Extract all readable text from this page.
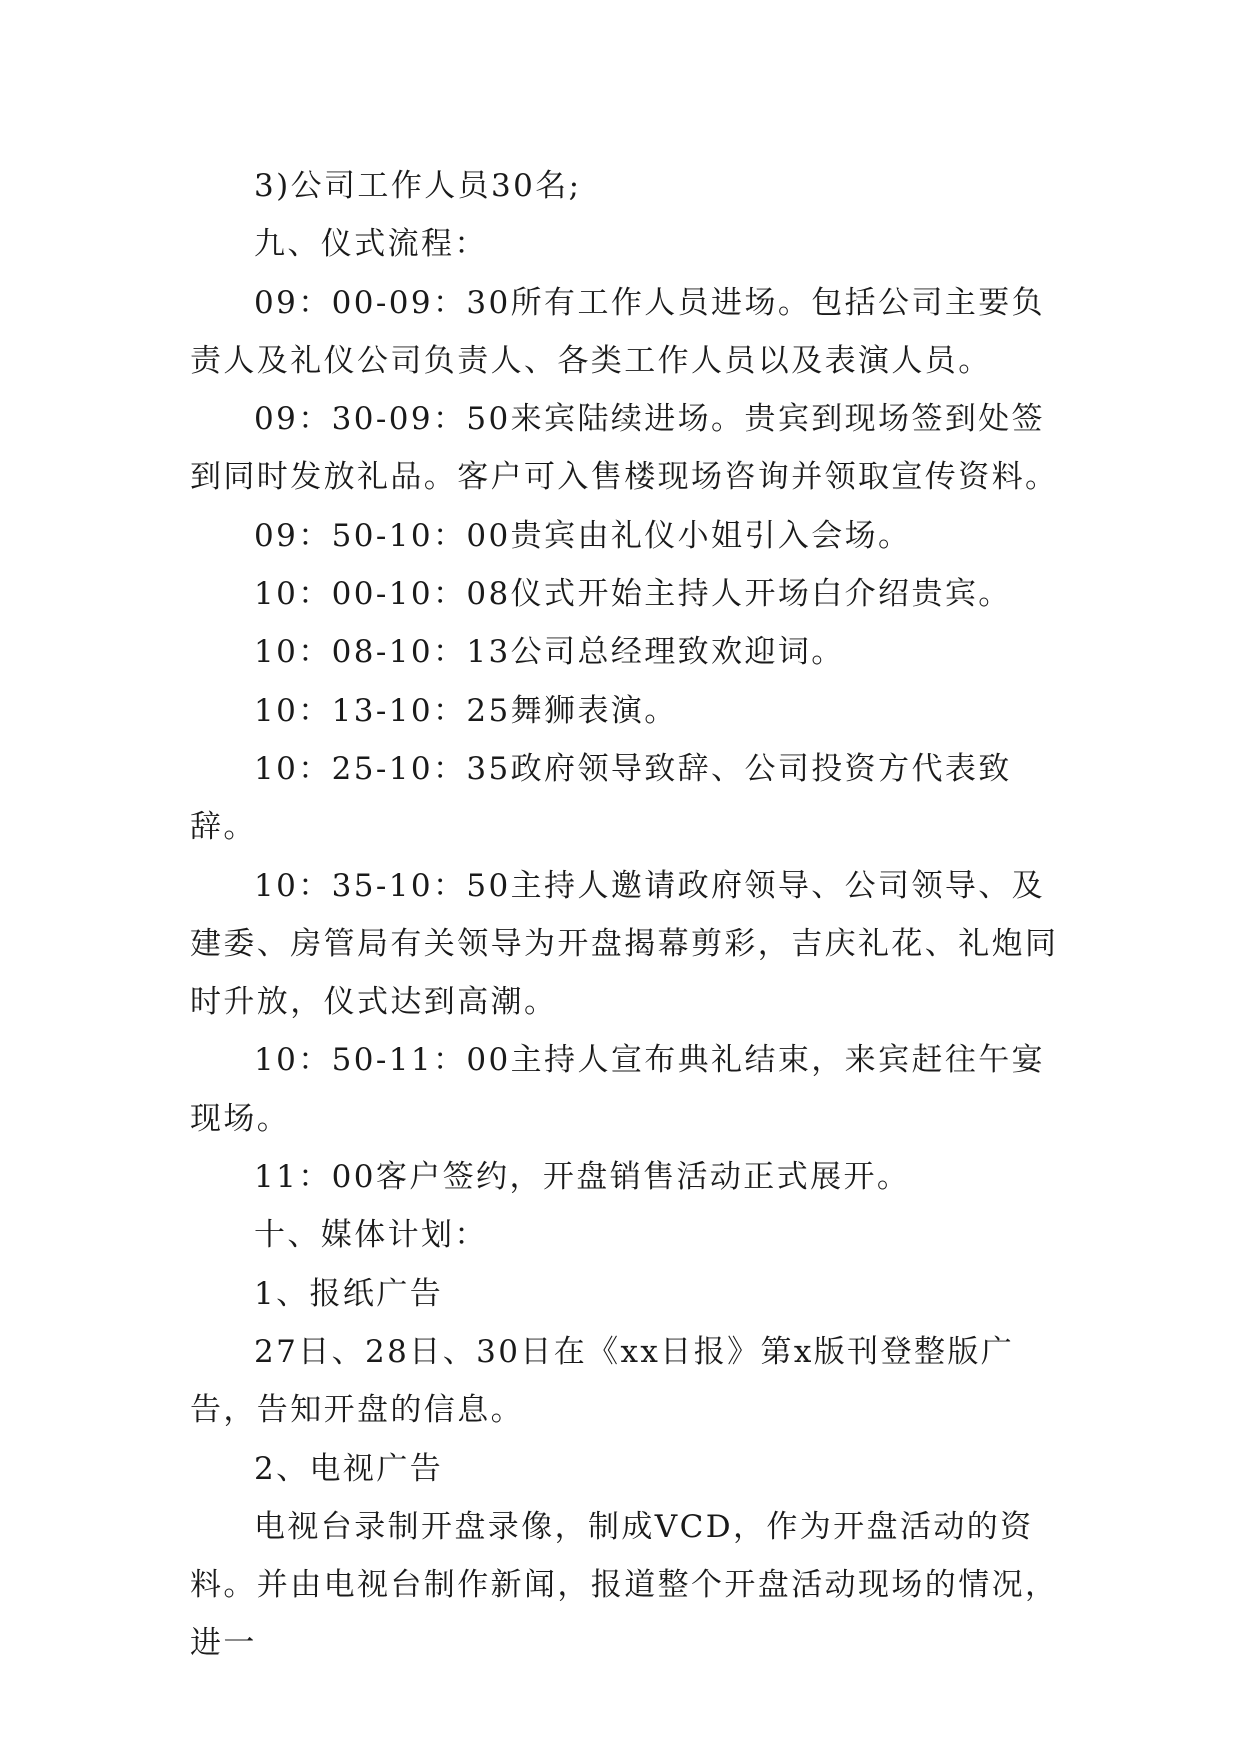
3)公司工作人员30名;

九、仪式流程：

09：00-09：30所有工作人员进场。包括公司主要负责人及礼仪公司负责人、各类工作人员以及表演人员。

09：30-09：50来宾陆续进场。贵宾到现场签到处签到同时发放礼品。客户可入售楼现场咨询并领取宣传资料。

09：50-10：00贵宾由礼仪小姐引入会场。

10：00-10：08仪式开始主持人开场白介绍贵宾。

10：08-10：13公司总经理致欢迎词。

10：13-10：25舞狮表演。

10：25-10：35政府领导致辞、公司投资方代表致辞。

10：35-10：50主持人邀请政府领导、公司领导、及建委、房管局有关领导为开盘揭幕剪彩，吉庆礼花、礼炮同时升放，仪式达到高潮。

10：50-11：00主持人宣布典礼结束，来宾赶往午宴现场。

11：00客户签约，开盘销售活动正式展开。

十、媒体计划：

1、报纸广告

27日、28日、30日在《xx日报》第x版刊登整版广告，告知开盘的信息。

2、电视广告

电视台录制开盘录像，制成VCD，作为开盘活动的资料。并由电视台制作新闻，报道整个开盘活动现场的情况，进一
